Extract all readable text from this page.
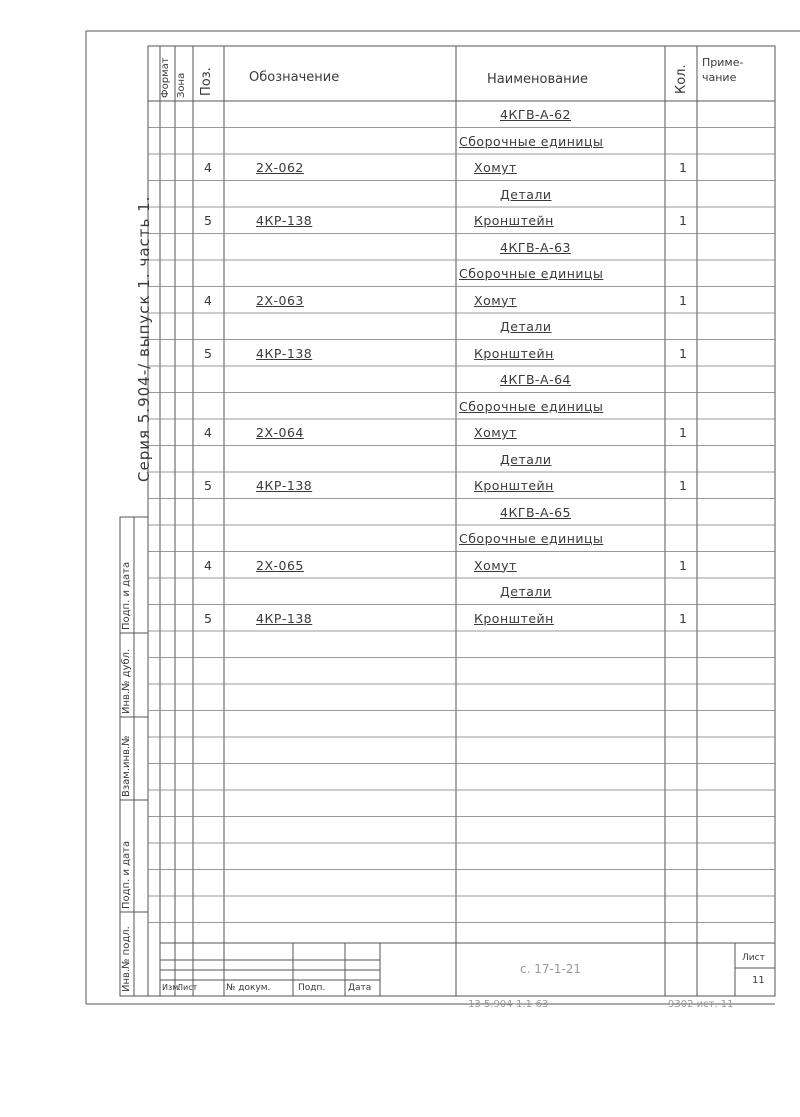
Формат Зона Поз.	Обозначение	Наименование	Кол.
Приме-
чание
Серия 5.904-/ выпуск 1. часть 1.
Подп. и дата
Инв.№ дубл.
Взам.инв.№
Подп. и дата
Инв.№ подл.
4КГВ-А-62
Сборочные единицы
4	2Х-062	Хомут	1
Детали
5	4КР-138	Кронштейн	1
4КГВ-А-63
Сборочные единицы
4	2Х-063	Хомут	1
Детали
5	4КР-138	Кронштейн	1
4КГВ-А-64
Сборочные единицы
4	2Х-064	Хомут	1
Детали
5	4КР-138	Кронштейн	1
4КГВ-А-65
Сборочные единицы
4	2Х-065	Хомут	1
Детали
5	4КР-138	Кронштейн	1
Изм.
Лист	№ докум.	Подп.	Дата
с. 17-1-21
Лист
11
13 5.904-1.1-63	9302 ист. 11
